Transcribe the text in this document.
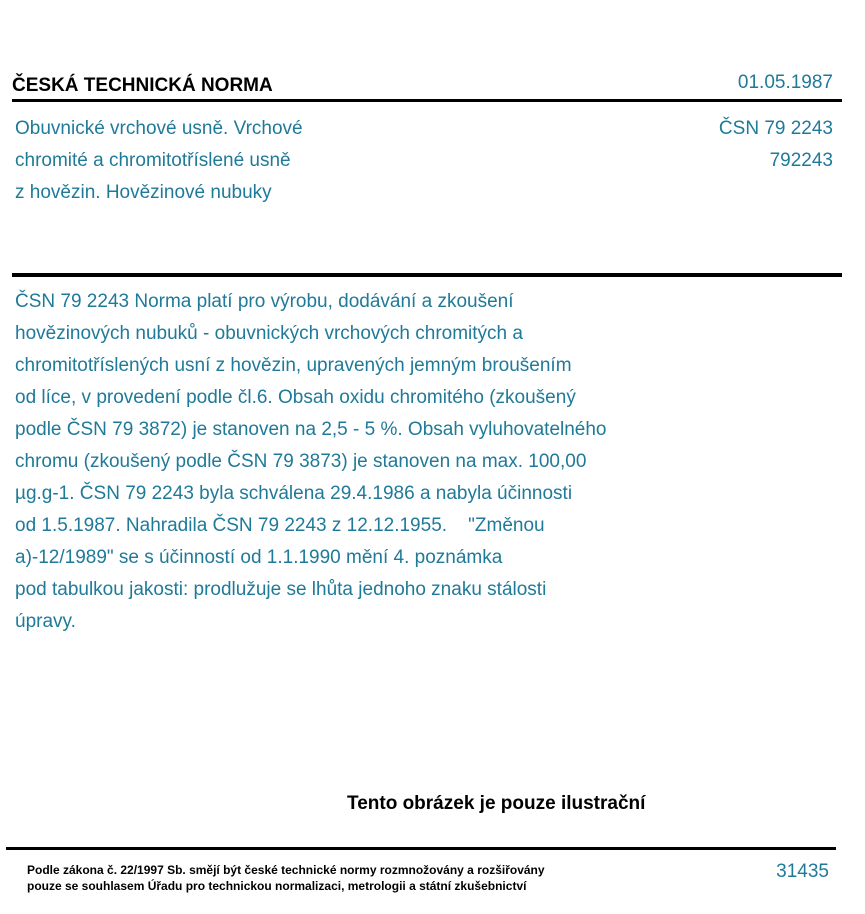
ČESKÁ TECHNICKÁ NORMA	01.05.1987
Obuvnické vrchové usně. Vrchové
chromité a chromitotříslené usně
z hovězin. Hovězinové nubuky
ČSN 79 2243
792243
ČSN 79 2243 Norma platí pro výrobu, dodávání a zkoušení
hovězinových nubuků - obuvnických vrchových chromitých a
chromitotříslených usní z hovězin, upravených jemným broušením
od líce, v provedení podle čl.6. Obsah oxidu chromitého (zkoušený
podle ČSN 79 3872) je stanoven na 2,5 - 5 %. Obsah vyluhovatelného
chromu (zkoušený podle ČSN 79 3873) je stanoven na max. 100,00
µg.g-1. ČSN 79 2243 byla schválena 29.4.1986 a nabyla účinnosti
od 1.5.1987. Nahradila ČSN 79 2243 z 12.12.1955.    "Změnou
a)-12/1989" se s účinností od 1.1.1990 mění 4. poznámka
pod tabulkou jakosti: prodlužuje se lhůta jednoho znaku stálosti
úpravy.
Tento obrázek je pouze ilustrační
Podle zákona č. 22/1997 Sb. smějí být české technické normy rozmnožovány a rozšiřovány
pouze se souhlasem Úřadu pro technickou normalizaci, metrologii a státní zkušebnictví
31435
